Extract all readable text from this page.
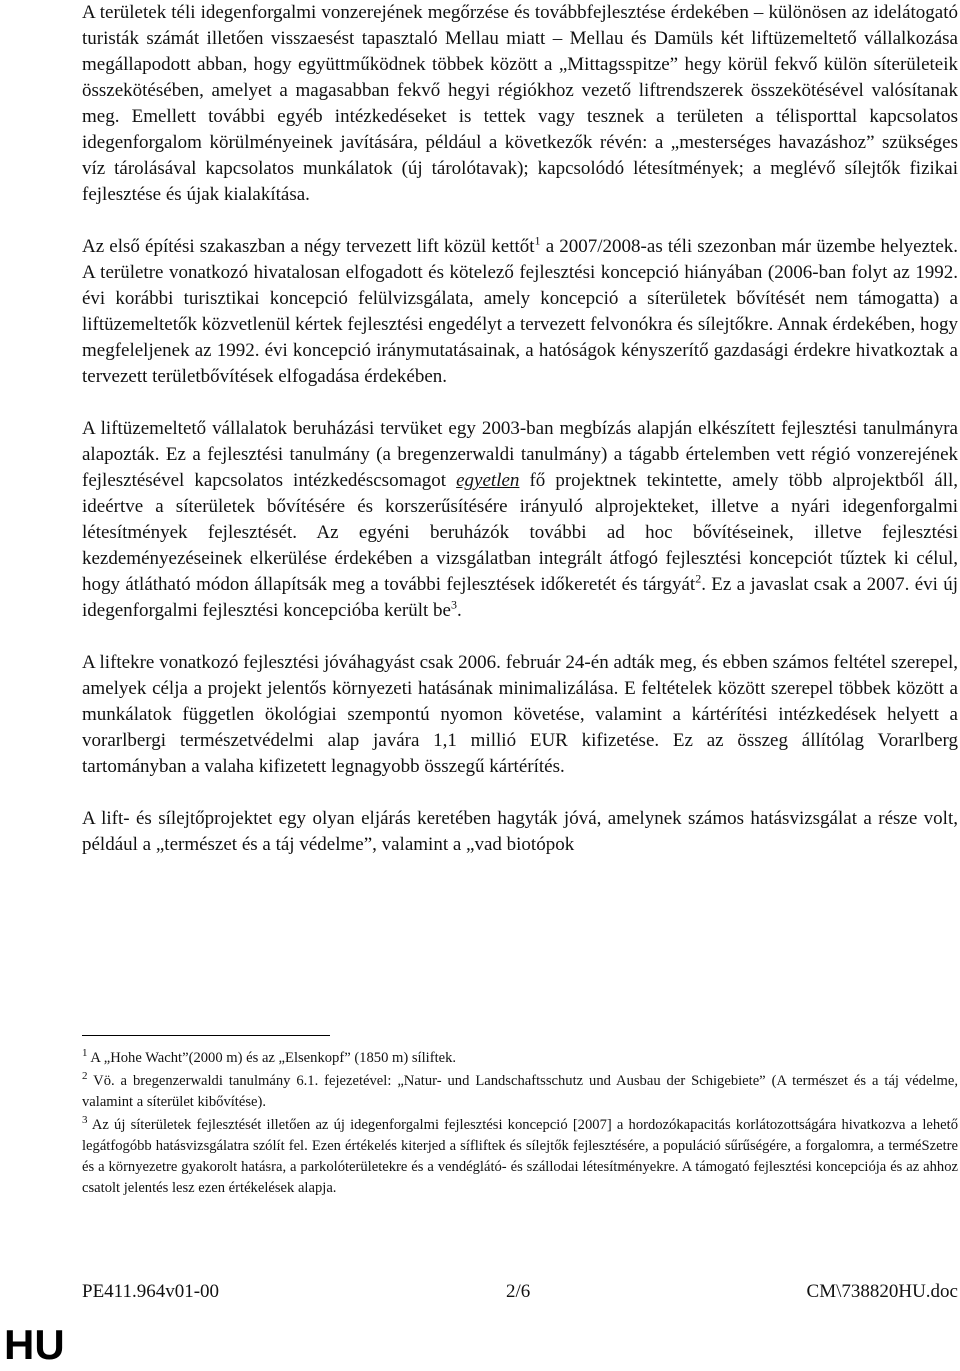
A területek téli idegenforgalmi vonzerejének megőrzése és továbbfejlesztése érdekében – különösen az idelátogató turisták számát illetően visszaesést tapasztaló Mellau miatt – Mellau és Damüls két liftüzemeltető vállalkozása megállapodott abban, hogy együttműködnek többek között a „Mittagsspitze” hegy körül fekvő külön síterületeik összekötésében, amelyet a magasabban fekvő hegyi régiókhoz vezető liftrendszerek összekötésével valósítanak meg. Emellett további egyéb intézkedéseket is tettek vagy tesznek a területen a télisporttal kapcsolatos idegenforgalom körülményeinek javítására, például a következők révén: a „mesterséges havazáshoz” szükséges víz tárolásával kapcsolatos munkálatok (új tárolótavak); kapcsolódó létesítmények; a meglévő sílejtők fizikai fejlesztése és újak kialakítása.

Az első építési szakaszban a négy tervezett lift közül kettőt$^1$ a 2007/2008-as téli szezonban már üzembe helyeztek. A területre vonatkozó hivatalosan elfogadott és kötelező fejlesztési koncepció hiányában (2006-ban folyt az 1992. évi korábbi turisztikai koncepció felülvizsgálata, amely koncepció a síterületek bővítését nem támogatta) a liftüzemeltetők közvetlenül kértek fejlesztési engedélyt a tervezett felvonókra és sílejtőkre. Annak érdekében, hogy megfeleljenek az 1992. évi koncepció iránymutatásainak, a hatóságok kényszerítő gazdasági érdekre hivatkoztak a tervezett területbővítések elfogadása érdekében.

A liftüzemeltető vállalatok beruházási tervüket egy 2003-ban megbízás alapján elkészített fejlesztési tanulmányra alapozták. Ez a fejlesztési tanulmány (a bregenzerwaldi tanulmány) a tágabb értelemben vett régió vonzerejének fejlesztésével kapcsolatos intézkedéscsomagot egyetlen fő projektnek tekintette, amely több alprojektből áll, ideértve a síterületek bővítésére és korszerűsítésére irányuló alprojekteket, illetve a nyári idegenforgalmi létesítmények fejlesztését. Az egyéni beruházók további ad hoc bővítéseinek, illetve fejlesztési kezdeményezéseinek elkerülése érdekében a vizsgálatban integrált átfogó fejlesztési koncepciót tűztek ki célul, hogy átlátható módon állapítsák meg a további fejlesztések időkeretét és tárgyát$^2$. Ez a javaslat csak a 2007. évi új idegenforgalmi fejlesztési koncepcióba került $be^3$.

A liftekre vonatkozó fejlesztési jóváhagyást csak 2006. február 24-én adták meg, és ebben számos feltétel szerepel, amelyek célja a projekt jelentős környezeti hatásának minimalizálása. E feltételek között szerepel többek között a munkálatok független ökológiai szempontú nyomon követése, valamint a kártérítési intézkedések helyett a vorarlbergi természetvédelmi alap javára 1,1 millió EUR kifizetése. Ez az összeg állítólag Vorarlberg tartományban a valaha kifizetett legnagyobb összegű kártérítés.

A lift- és sílejtőprojektet egy olyan eljárás keretében hagyták jóvá, amelynek számos hatásvizsgálat a része volt, például a „természet és a táj védelme”, valamint a „vad biotópok

$^1$ A „Hohe Wacht”(2000 m) és az „Elsenkopf” (1850 m) síliftek.

$^2$ Vö. a bregenzerwaldi tanulmány 6.1. fejezetével: „Natur- und Landschaftsschutz und Ausbau der Schigebiete” (A természet és a táj védelme, valamint a síterület kibővítése).

$^3$ Az új síterületek fejlesztését illetően az új idegenforgalmi fejlesztési koncepció [2007] a hordozókapacitás korlátozottságára hivatkozva a lehető legátfogóbb hatásvizsgálatra szólít fel. Ezen értékelés kiterjed a sífliftek és sílejtők fejlesztésére, a populáció sűrűségére, a forgalomra, a terméSzetre és a környezetre gyakorolt hatásra, a parkolóterületekre és a vendéglátó- és szállodai létesítményekre. A támogató fejlesztési koncepciója és az ahhoz csatolt jelentés lesz ezen értékelések alapja.

PE411.964v01-00	2/6	CM\738820HU.doc
HU
